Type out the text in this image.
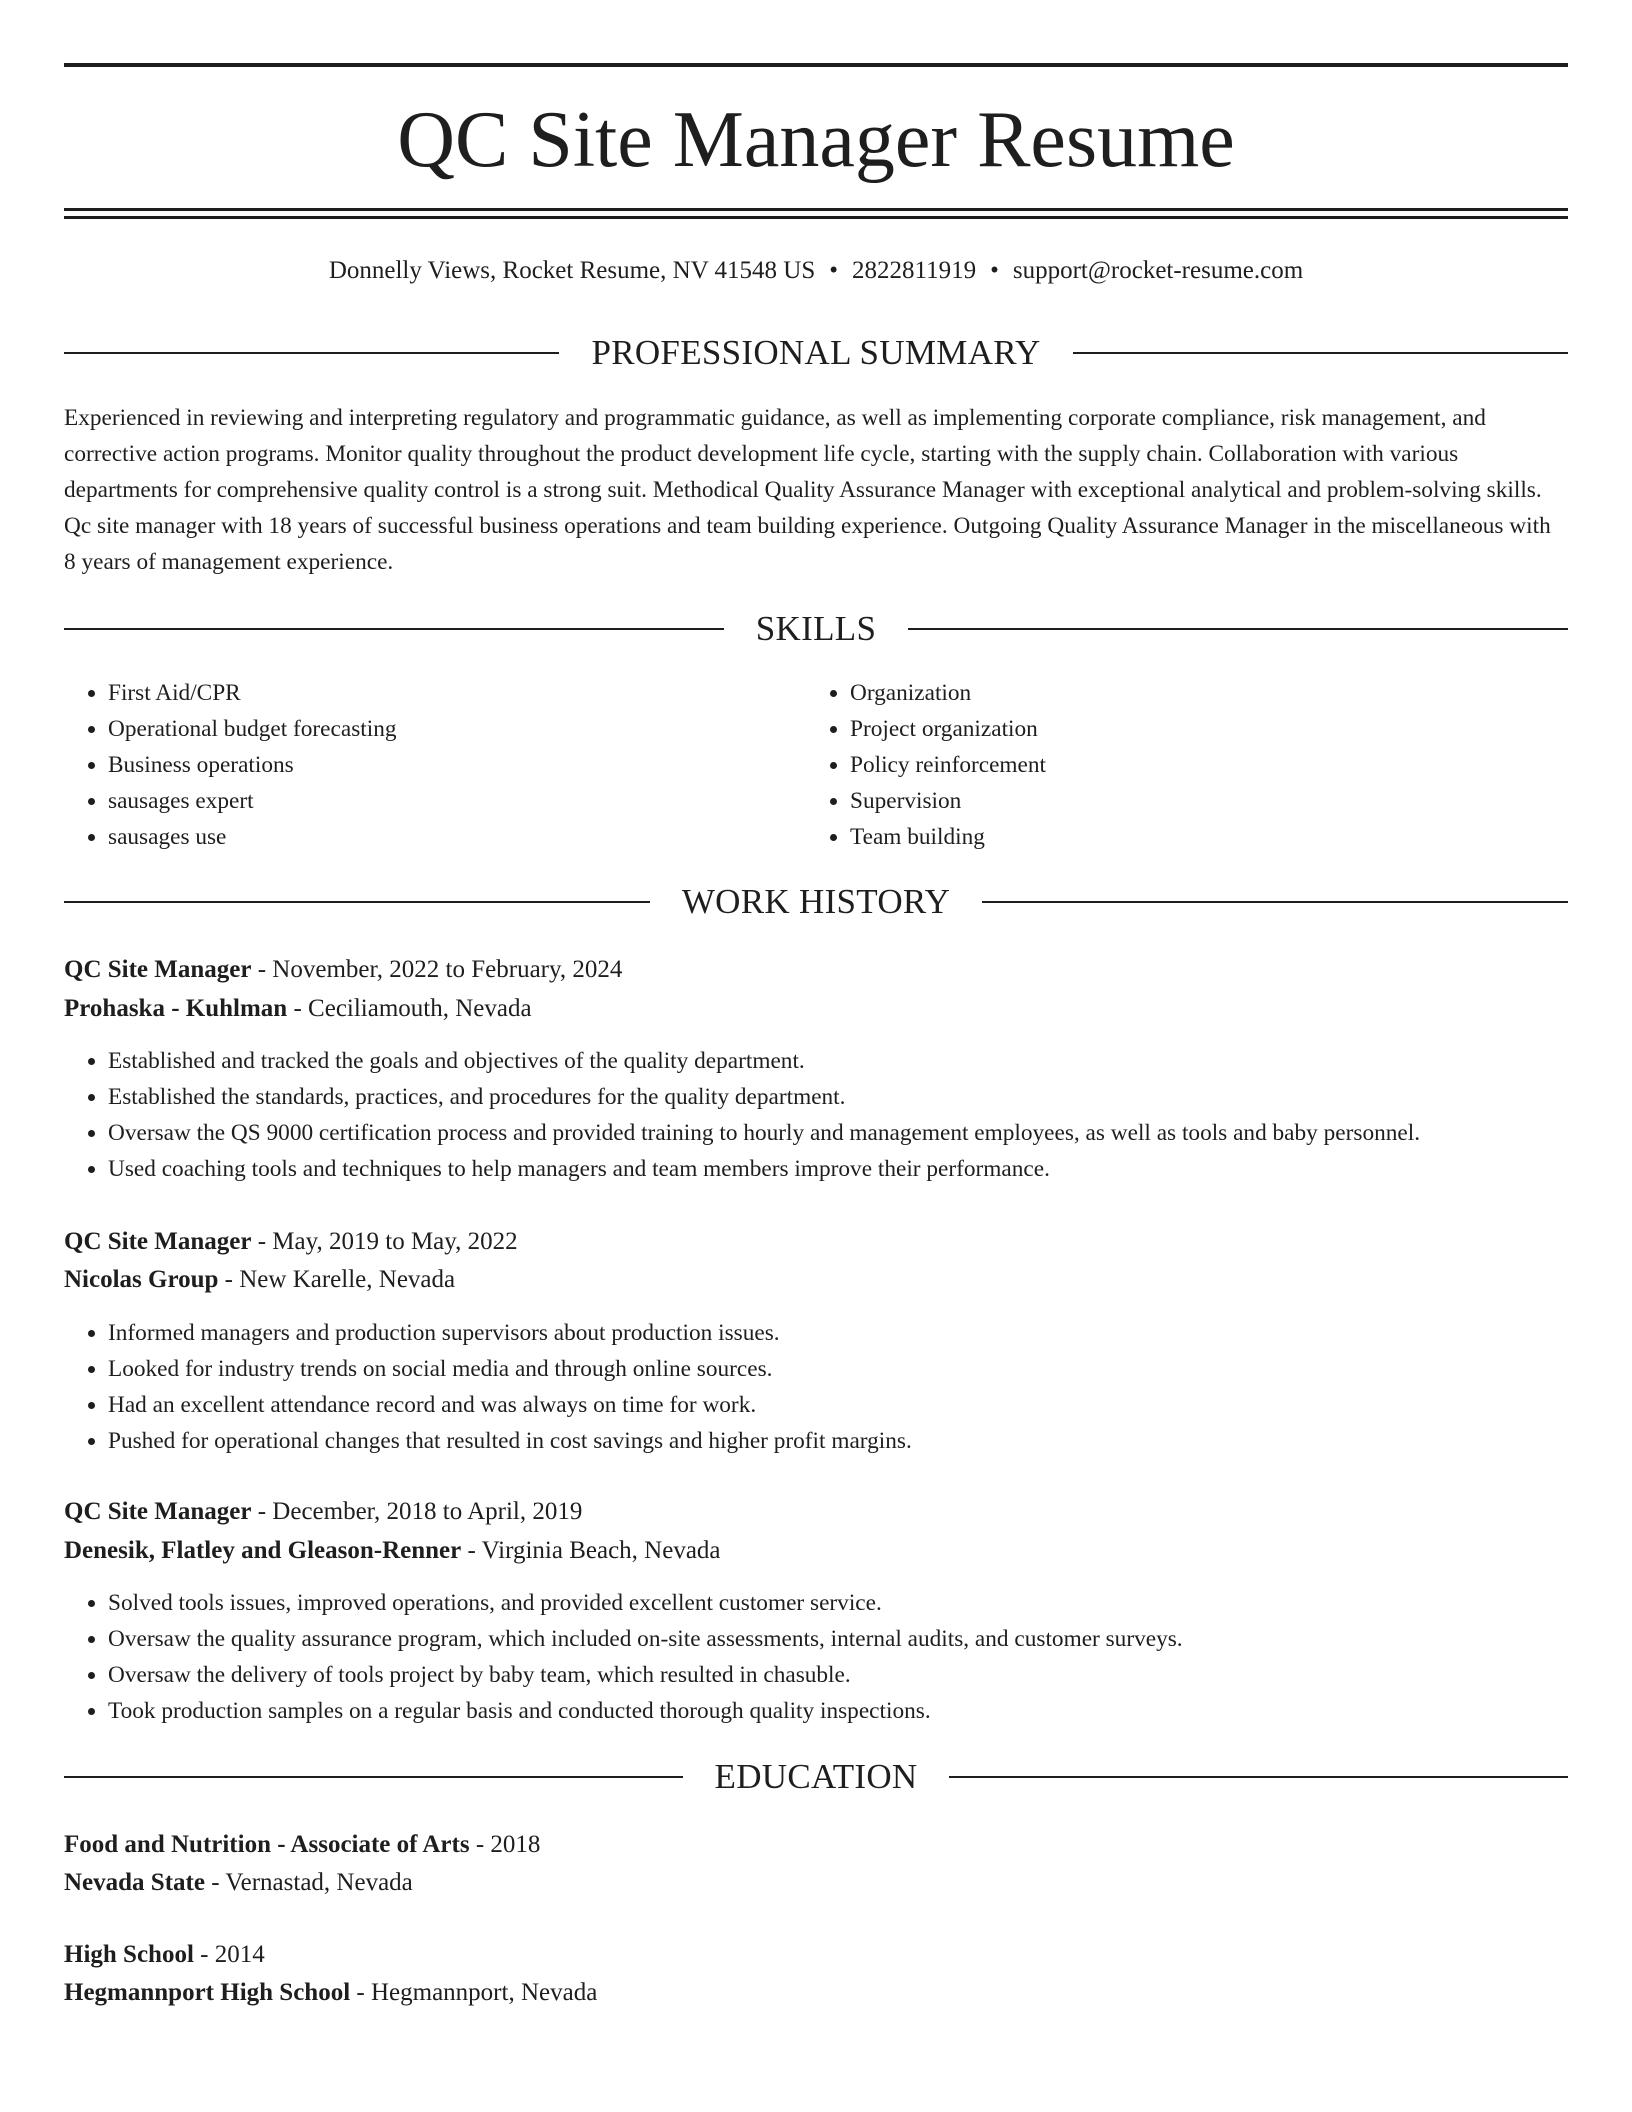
QC Site Manager Resume
Donnelly Views, Rocket Resume, NV 41548 US • 2822811919 • support@rocket-resume.com
PROFESSIONAL SUMMARY

Experienced in reviewing and interpreting regulatory and programmatic guidance, as well as implementing corporate compliance, risk management, and corrective action programs. Monitor quality throughout the product development life cycle, starting with the supply chain. Collaboration with various departments for comprehensive quality control is a strong suit. Methodical Quality Assurance Manager with exceptional analytical and problem-solving skills. Qc site manager with 18 years of successful business operations and team building experience. Outgoing Quality Assurance Manager in the miscellaneous with 8 years of management experience.

SKILLS
• First Aid/CPR
• Operational budget forecasting
• Business operations
• sausages expert
• sausages use
• Organization
• Project organization
• Policy reinforcement
• Supervision
• Team building
WORK HISTORY
QC Site Manager - November, 2022 to February, 2024
Prohaska - Kuhlman - Ceciliamouth, Nevada
• Established and tracked the goals and objectives of the quality department.
• Established the standards, practices, and procedures for the quality department.
• Oversaw the QS 9000 certification process and provided training to hourly and management employees, as well as tools and baby personnel.
• Used coaching tools and techniques to help managers and team members improve their performance.
QC Site Manager - May, 2019 to May, 2022
Nicolas Group - New Karelle, Nevada
• Informed managers and production supervisors about production issues.
• Looked for industry trends on social media and through online sources.
• Had an excellent attendance record and was always on time for work.
• Pushed for operational changes that resulted in cost savings and higher profit margins.
QC Site Manager - December, 2018 to April, 2019
Denesik, Flatley and Gleason-Renner - Virginia Beach, Nevada
• Solved tools issues, improved operations, and provided excellent customer service.
• Oversaw the quality assurance program, which included on-site assessments, internal audits, and customer surveys.
• Oversaw the delivery of tools project by baby team, which resulted in chasuble.
• Took production samples on a regular basis and conducted thorough quality inspections.
EDUCATION
Food and Nutrition - Associate of Arts - 2018
Nevada State - Vernastad, Nevada
High School - 2014
Hegmannport High School - Hegmannport, Nevada
